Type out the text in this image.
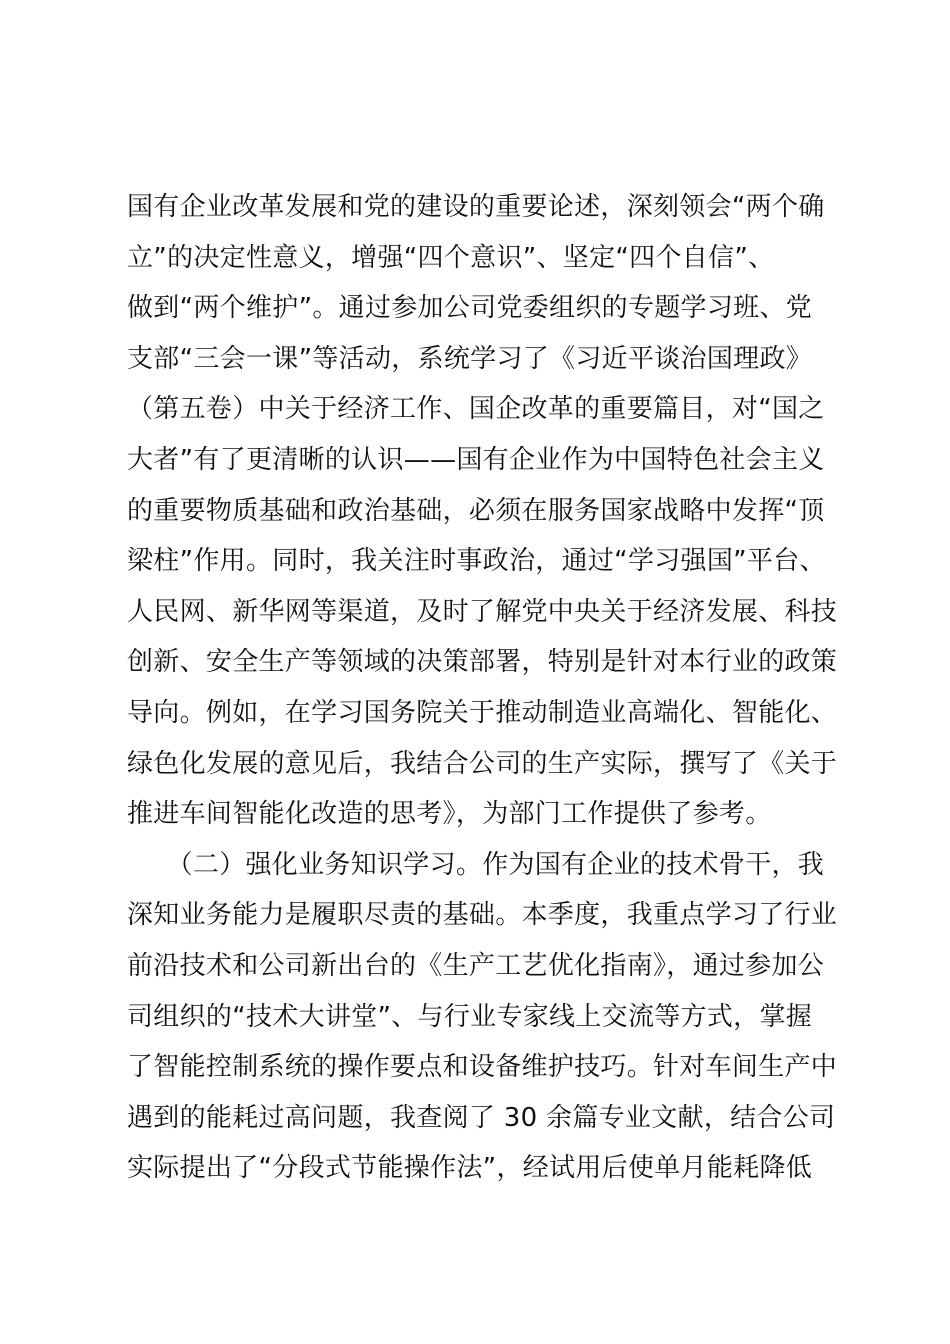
国有企业改革发展和党的建设的重要论述，深刻领会“两个确
立”的决定性意义，增强“四个意识”、坚定“四个自信”、
做到“两个维护”。通过参加公司党委组织的专题学习班、党
支部“三会一课”等活动，系统学习了《习近平谈治国理政》
（第五卷）中关于经济工作、国企改革的重要篇目，对“国之
大者”有了更清晰的认识——国有企业作为中国特色社会主义
的重要物质基础和政治基础，必须在服务国家战略中发挥“顶
梁柱”作用。同时，我关注时事政治，通过“学习强国”平台、
人民网、新华网等渠道，及时了解党中央关于经济发展、科技
创新、安全生产等领域的决策部署，特别是针对本行业的政策
导向。例如，在学习国务院关于推动制造业高端化、智能化、
绿色化发展的意见后，我结合公司的生产实际，撰写了《关于
推进车间智能化改造的思考》，为部门工作提供了参考。
　　（二）强化业务知识学习。作为国有企业的技术骨干，我
深知业务能力是履职尽责的基础。本季度，我重点学习了行业
前沿技术和公司新出台的《生产工艺优化指南》，通过参加公
司组织的“技术大讲堂”、与行业专家线上交流等方式，掌握
了智能控制系统的操作要点和设备维护技巧。针对车间生产中
遇到的能耗过高问题，我查阅了 30 余篇专业文献，结合公司
实际提出了“分段式节能操作法”，经试用后使单月能耗降低
